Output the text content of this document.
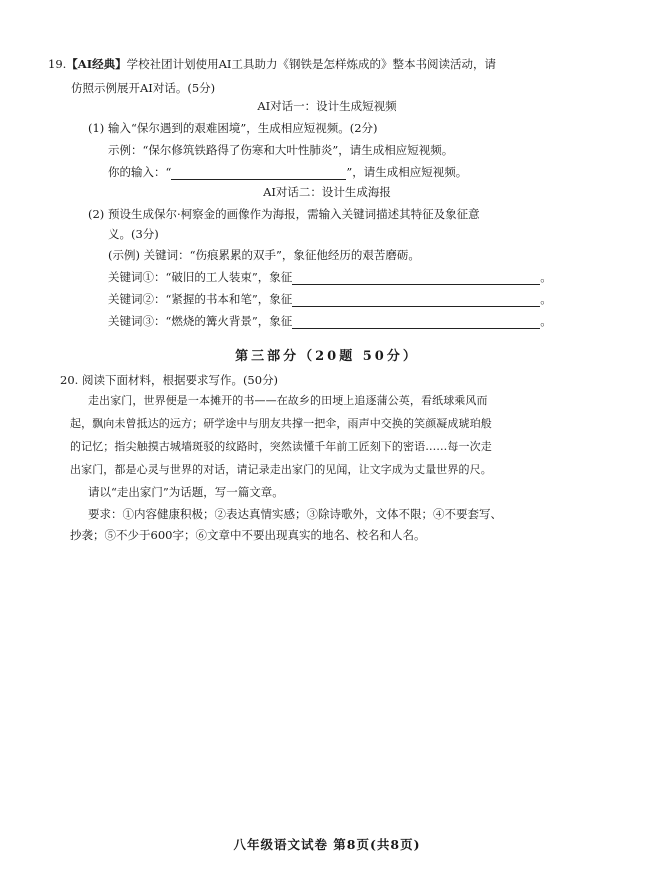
19.【AI经典】学校社团计划使用AI工具助力《钢铁是怎样炼成的》整本书阅读活动，请
仿照示例展开AI对话。(5分)
AI对话一：设计生成短视频
(1) 输入“保尔遇到的艰难困境”，生成相应短视频。(2分)
示例：“保尔修筑铁路得了伤寒和大叶性肺炎”，请生成相应短视频。
你的输入：“	”，请生成相应短视频。
AI对话二：设计生成海报
(2) 预设生成保尔·柯察金的画像作为海报，需输入关键词描述其特征及象征意
义。(3分)
(示例) 关键词：“伤痕累累的双手”，象征他经历的艰苦磨砺。
关键词①：“破旧的工人装束”，象征	。
关键词②：“紧握的书本和笔”，象征	。
关键词③：“燃烧的篝火背景”，象征	。
第三部分（20题 50分）
20. 阅读下面材料，根据要求写作。(50分)
走出家门，世界便是一本摊开的书——在故乡的田埂上追逐蒲公英，看纸球乘风而
起，飘向未曾抵达的远方；研学途中与朋友共撑一把伞，雨声中交换的笑颜凝成琥珀般
的记忆；指尖触摸古城墙斑驳的纹路时，突然读懂千年前工匠刻下的密语……每一次走
出家门，都是心灵与世界的对话，请记录走出家门的见闻，让文字成为丈量世界的尺。
请以“走出家门”为话题，写一篇文章。
要求：①内容健康积极；②表达真情实感；③除诗歌外，文体不限；④不要套写、
抄袭；⑤不少于600字；⑥文章中不要出现真实的地名、校名和人名。
八年级语文试卷 第8页(共8页)
